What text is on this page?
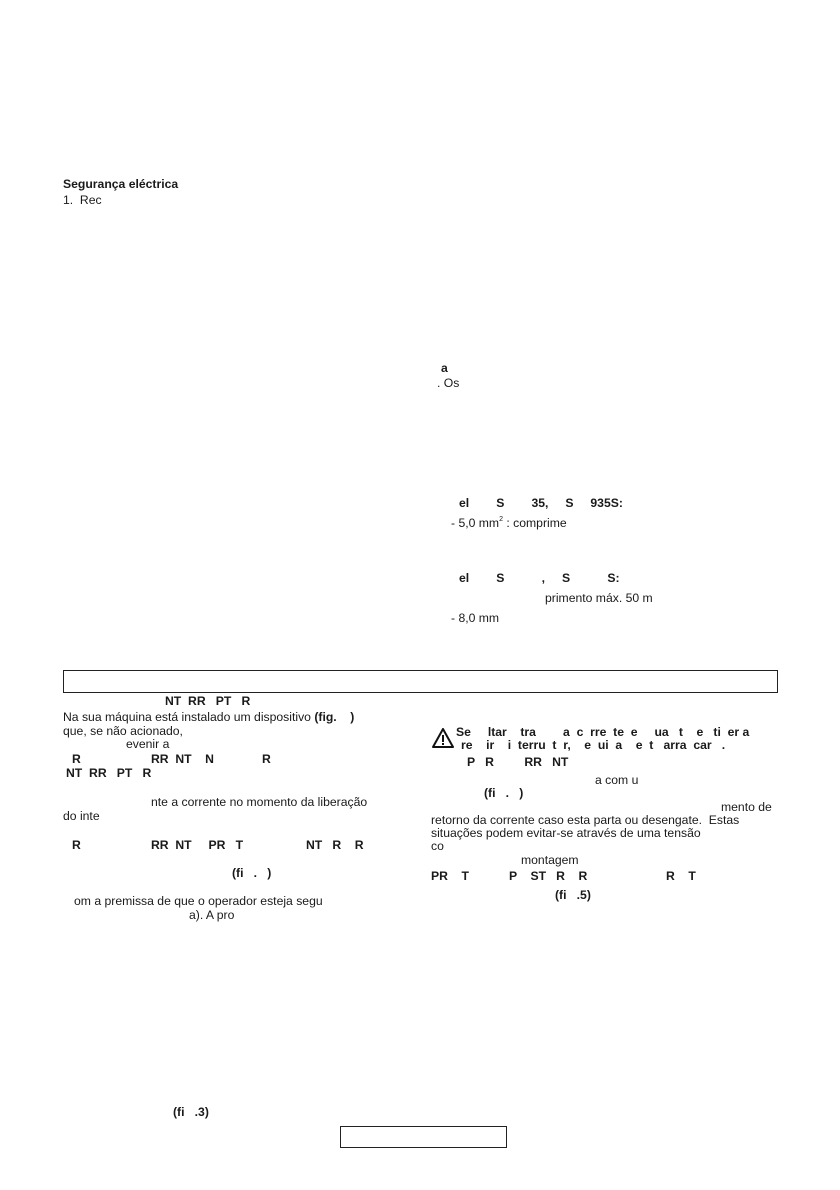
Segurança eléctrica
1.  Rec
a
. Os
el        S        35,     S     935S:
- 5,0 $mm^2$ : comprime
el        S           ,     S           S:
primento máx. 50 m
- 8,0 mm
NT  RR   PT   R
Na sua máquina está instalado um dispositivo (fig.    )
que, se não acionado,
evenir a
R	RR  NT    N	R
NT  RR   PT   R
nte a corrente no momento da liberação
do inte
R	RR  NT     PR   T	NT   R    R
(fi   .   )
om a premissa de que o operador esteja segu
a). A pro
(fi   .3)
Se     ltar    tra        a  c  rre  te  e     ua   t    e   ti  er a
re    ir    i  terru  t  r,    e  ui  a    e  t   arra  car   .
P   R         RR   NT
a com u
(fi   .   )
mento de
retorno da corrente caso esta parta ou desengate.  Estas
situações podem evitar-se através de uma tensão
co
montagem
PR    T	P    ST   R    R	R    T
(fi   .5)
